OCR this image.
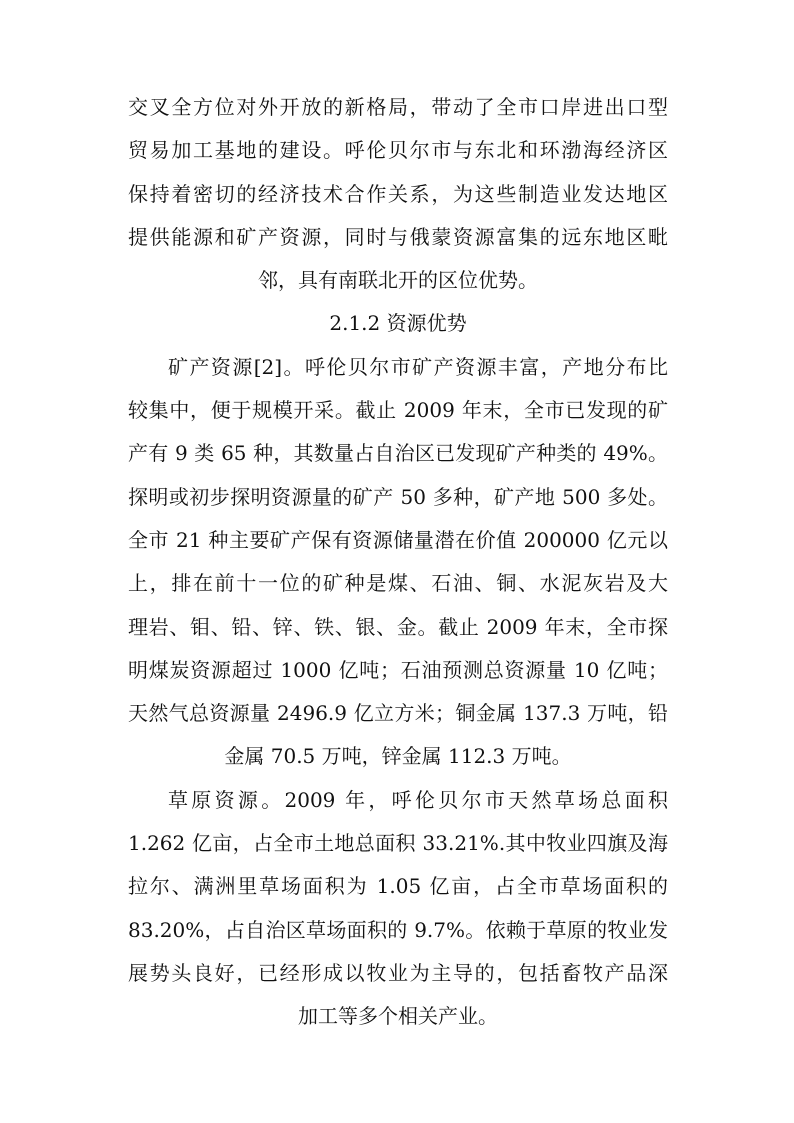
交叉全方位对外开放的新格局，带动了全市口岸进出口型
贸易加工基地的建设。呼伦贝尔市与东北和环渤海经济区
保持着密切的经济技术合作关系，为这些制造业发达地区
提供能源和矿产资源，同时与俄蒙资源富集的远东地区毗
邻，具有南联北开的区位优势。
2.1.2 资源优势
矿产资源[2]。呼伦贝尔市矿产资源丰富，产地分布比
较集中，便于规模开采。截止 2009 年末，全市已发现的矿
产有 9 类 65 种，其数量占自治区已发现矿产种类的 49%。
探明或初步探明资源量的矿产 50 多种，矿产地 500 多处。
全市 21 种主要矿产保有资源储量潜在价值 200000 亿元以
上，排在前十一位的矿种是煤、石油、铜、水泥灰岩及大
理岩、钼、铅、锌、铁、银、金。截止 2009 年末，全市探
明煤炭资源超过 1000 亿吨；石油预测总资源量 10 亿吨；
天然气总资源量 2496.9 亿立方米；铜金属 137.3 万吨，铅
金属 70.5 万吨，锌金属 112.3 万吨。
草原资源。2009 年，呼伦贝尔市天然草场总面积
1.262 亿亩，占全市土地总面积 33.21%.其中牧业四旗及海
拉尔、满洲里草场面积为 1.05 亿亩，占全市草场面积的
83.20%，占自治区草场面积的 9.7%。依赖于草原的牧业发
展势头良好，已经形成以牧业为主导的，包括畜牧产品深
加工等多个相关产业。
